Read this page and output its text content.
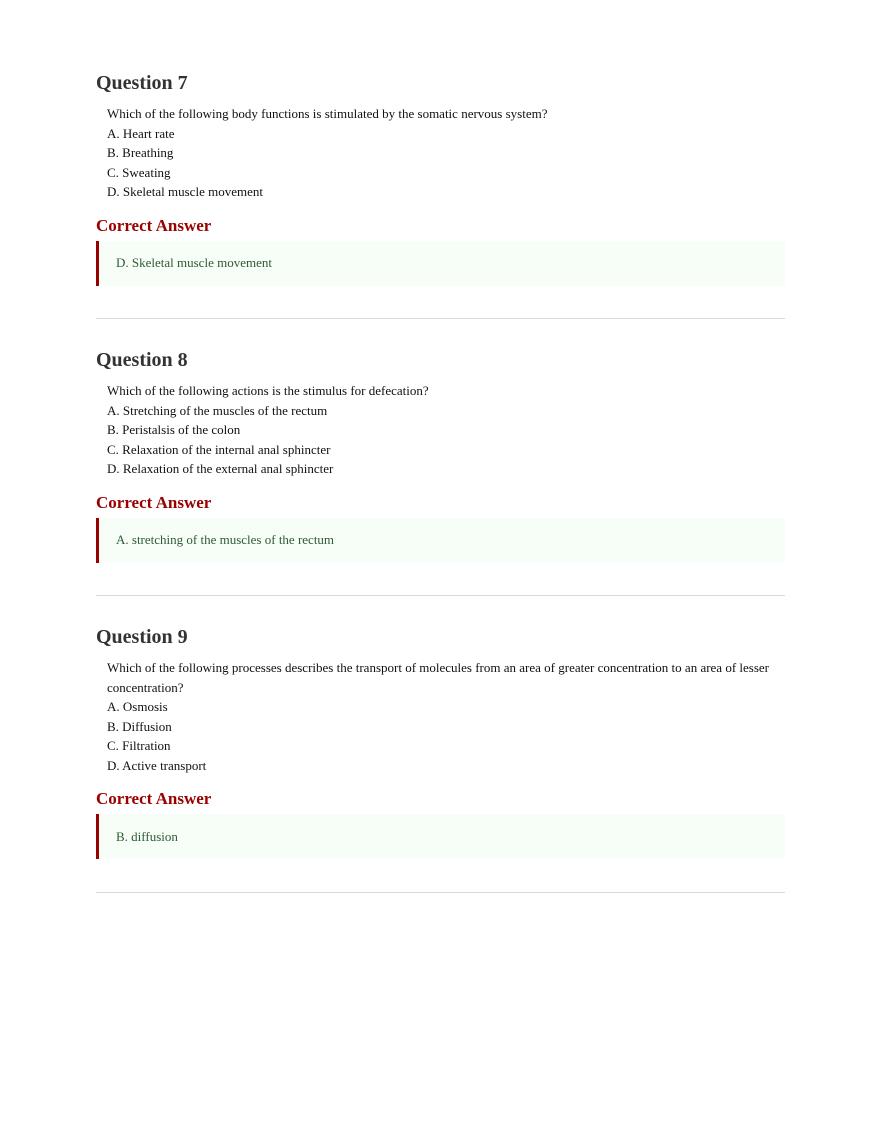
Question 7
Which of the following body functions is stimulated by the somatic nervous system?
A. Heart rate
B. Breathing
C. Sweating
D. Skeletal muscle movement
Correct Answer
D. Skeletal muscle movement
Question 8
Which of the following actions is the stimulus for defecation?
A. Stretching of the muscles of the rectum
B. Peristalsis of the colon
C. Relaxation of the internal anal sphincter
D. Relaxation of the external anal sphincter
Correct Answer
A. stretching of the muscles of the rectum
Question 9
Which of the following processes describes the transport of molecules from an area of greater concentration to an area of lesser concentration?
A. Osmosis
B. Diffusion
C. Filtration
D. Active transport
Correct Answer
B. diffusion
